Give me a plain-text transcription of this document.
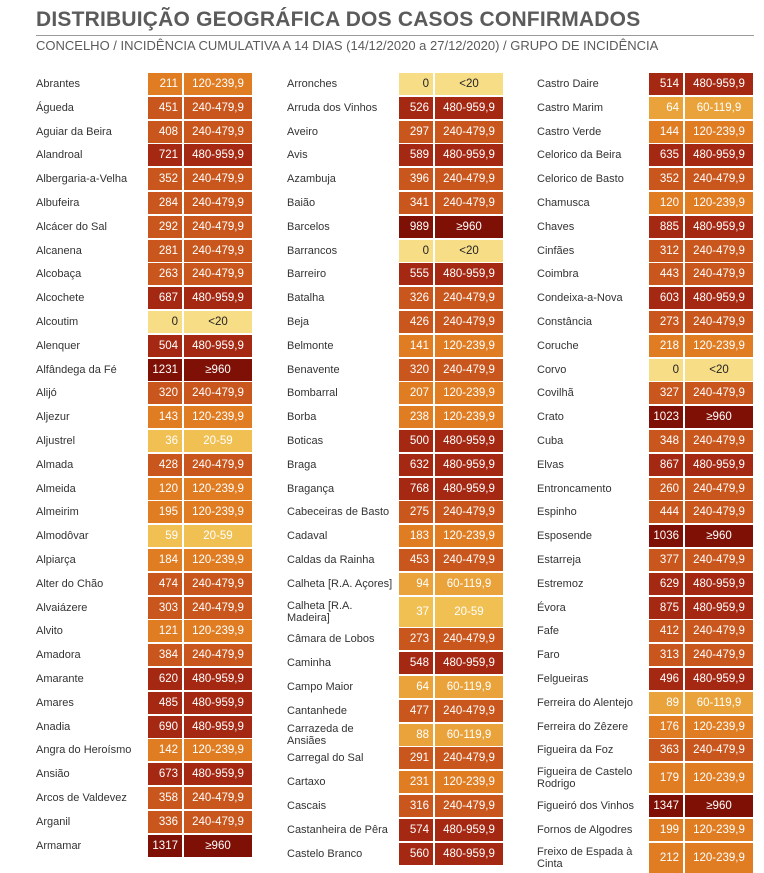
DISTRIBUIÇÃO GEOGRÁFICA DOS CASOS CONFIRMADOS
CONCELHO / INCIDÊNCIA CUMULATIVA A 14 DIAS (14/12/2020 a 27/12/2020) / GRUPO DE INCIDÊNCIA
Abrantes	211	120-239,9
Águeda	451	240-479,9
Aguiar da Beira	408	240-479,9
Alandroal	721	480-959,9
Albergaria-a-Velha	352	240-479,9
Albufeira	284	240-479,9
Alcácer do Sal	292	240-479,9
Alcanena	281	240-479,9
Alcobaça	263	240-479,9
Alcochete	687	480-959,9
Alcoutim	0	<20
Alenquer	504	480-959,9
Alfândega da Fé	1231	≥960
Alijó	320	240-479,9
Aljezur	143	120-239,9
Aljustrel	36	20-59
Almada	428	240-479,9
Almeida	120	120-239,9
Almeirim	195	120-239,9
Almodôvar	59	20-59
Alpiarça	184	120-239,9
Alter do Chão	474	240-479,9
Alvaiázere	303	240-479,9
Alvito	121	120-239,9
Amadora	384	240-479,9
Amarante	620	480-959,9
Amares	485	480-959,9
Anadia	690	480-959,9
Angra do Heroísmo	142	120-239,9
Ansião	673	480-959,9
Arcos de Valdevez	358	240-479,9
Arganil	336	240-479,9
Armamar	1317	≥960
Arronches	0	<20
Arruda dos Vinhos	526	480-959,9
Aveiro	297	240-479,9
Avis	589	480-959,9
Azambuja	396	240-479,9
Baião	341	240-479,9
Barcelos	989	≥960
Barrancos	0	<20
Barreiro	555	480-959,9
Batalha	326	240-479,9
Beja	426	240-479,9
Belmonte	141	120-239,9
Benavente	320	240-479,9
Bombarral	207	120-239,9
Borba	238	120-239,9
Boticas	500	480-959,9
Braga	632	480-959,9
Bragança	768	480-959,9
Cabeceiras de Basto	275	240-479,9
Cadaval	183	120-239,9
Caldas da Rainha	453	240-479,9
Calheta [R.A. Açores]	94	60-119,9
Calheta [R.A. Madeira]	37	20-59
Câmara de Lobos	273	240-479,9
Caminha	548	480-959,9
Campo Maior	64	60-119,9
Cantanhede	477	240-479,9
Carrazeda de Ansiães	88	60-119,9
Carregal do Sal	291	240-479,9
Cartaxo	231	120-239,9
Cascais	316	240-479,9
Castanheira de Pêra	574	480-959,9
Castelo Branco	560	480-959,9
Castro Daire	514	480-959,9
Castro Marim	64	60-119,9
Castro Verde	144	120-239,9
Celorico da Beira	635	480-959,9
Celorico de Basto	352	240-479,9
Chamusca	120	120-239,9
Chaves	885	480-959,9
Cinfães	312	240-479,9
Coimbra	443	240-479,9
Condeixa-a-Nova	603	480-959,9
Constância	273	240-479,9
Coruche	218	120-239,9
Corvo	0	<20
Covilhã	327	240-479,9
Crato	1023	≥960
Cuba	348	240-479,9
Elvas	867	480-959,9
Entroncamento	260	240-479,9
Espinho	444	240-479,9
Esposende	1036	≥960
Estarreja	377	240-479,9
Estremoz	629	480-959,9
Évora	875	480-959,9
Fafe	412	240-479,9
Faro	313	240-479,9
Felgueiras	496	480-959,9
Ferreira do Alentejo	89	60-119,9
Ferreira do Zêzere	176	120-239,9
Figueira da Foz	363	240-479,9
Figueira de Castelo Rodrigo	179	120-239,9
Figueiró dos Vinhos	1347	≥960
Fornos de Algodres	199	120-239,9
Freixo de Espada à Cinta	212	120-239,9
